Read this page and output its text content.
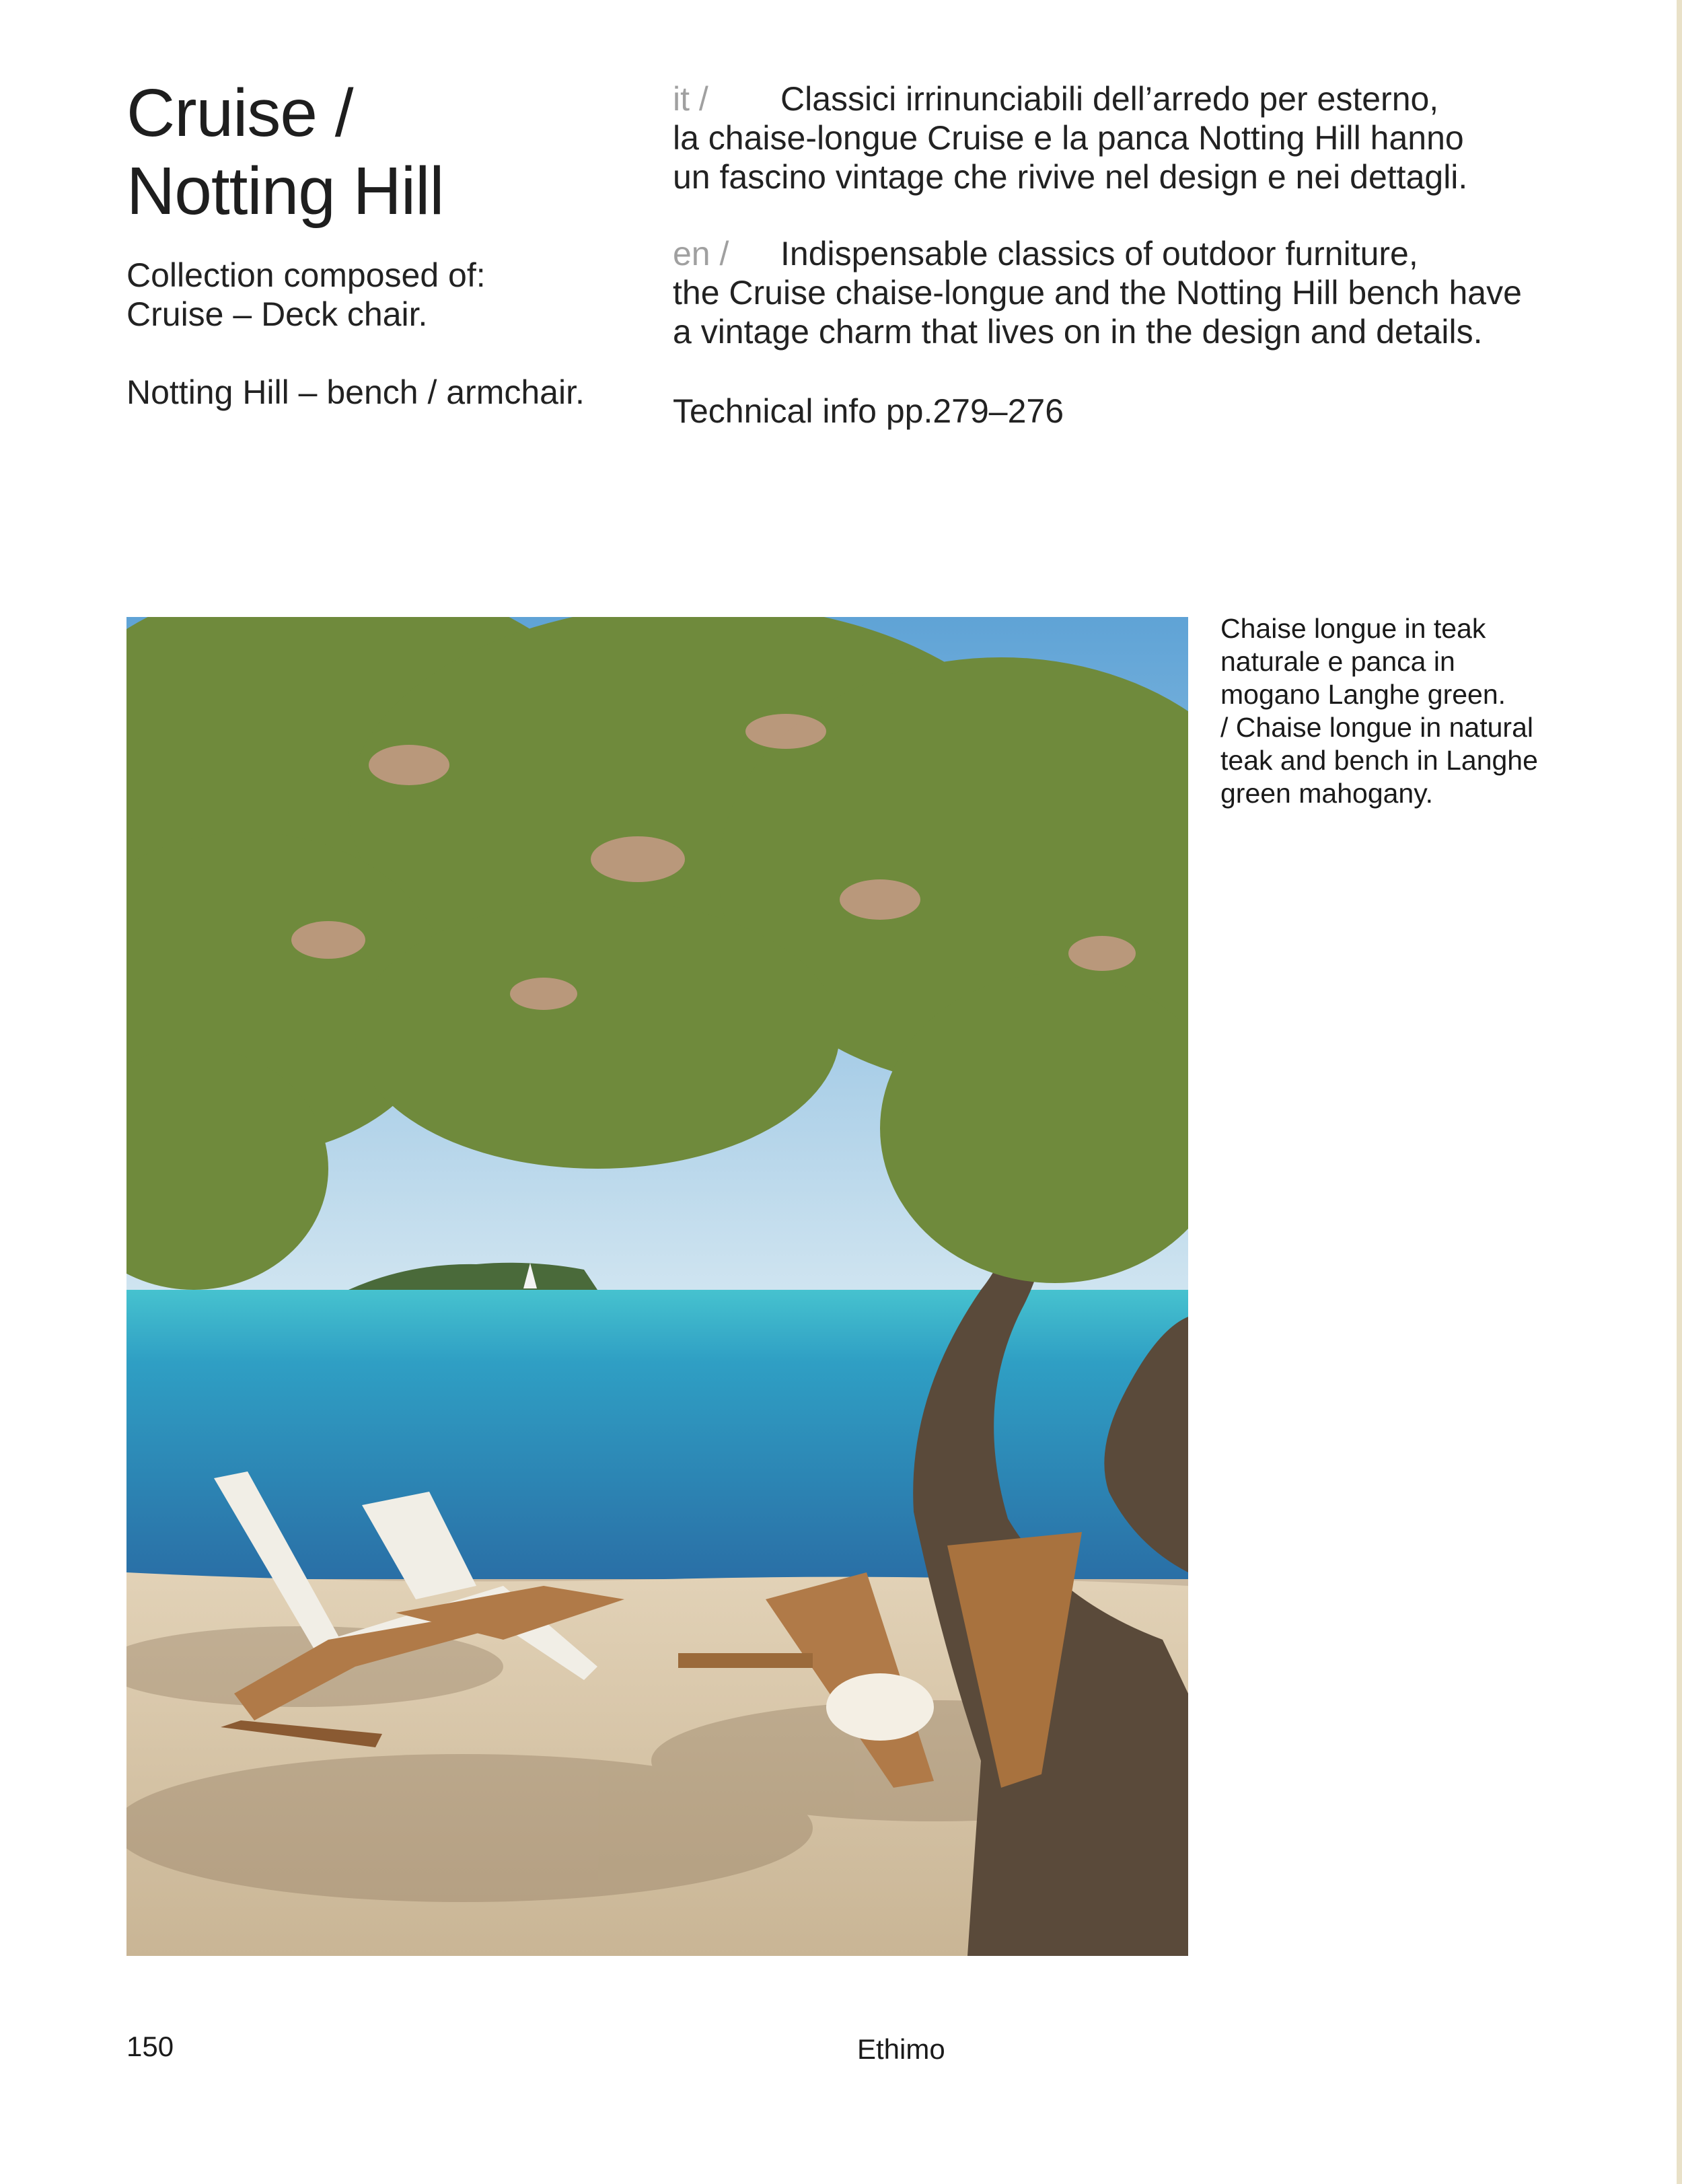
Cruise /
Notting Hill

Collection composed of:

Cruise – Deck chair.

Notting Hill – bench / armchair.

it / Classici irrinunciabili dell’arredo per esterno,

la chaise-longue Cruise e la panca Notting Hill hanno

un fascino vintage che rivive nel design e nei dettagli.

en / Indispensable classics of outdoor furniture,

the Cruise chaise-longue and the Notting Hill bench have

a vintage charm that lives on in the design and details.

Technical info pp.279–276

Chaise longue in teak
naturale e panca in
mogano Langhe green.
/ Chaise longue in natural
teak and bench in Langhe
green mahogany.
150	Ethimo
